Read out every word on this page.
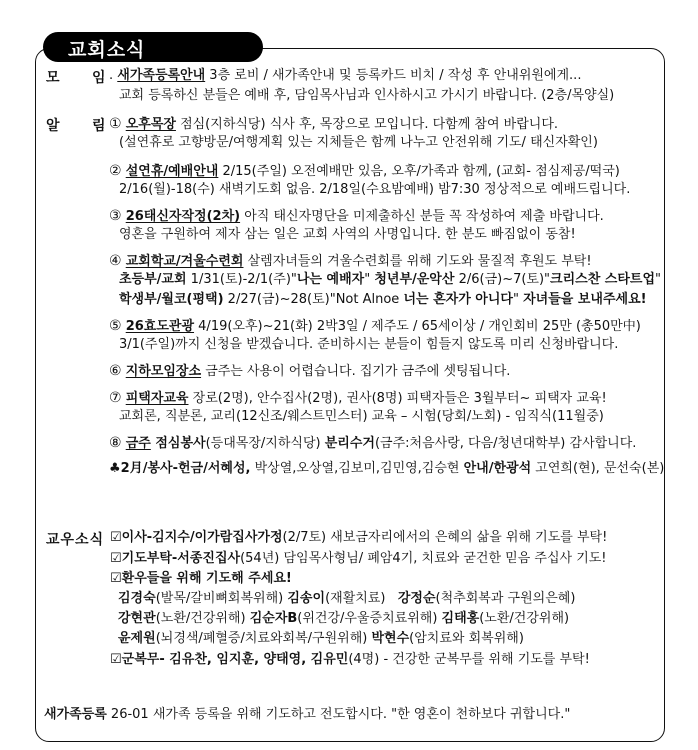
교회소식
모 임 . 새가족등록안내 3층 로비 / 새가족안내 및 등록카드 비치 / 작성 후 안내위원에게...
교회 등록하신 분들은 예배 후, 담임목사님과 인사하시고 가시기 바랍니다. (2층/목양실)
알 림 ① 오후목장 점심(지하식당) 식사 후, 목장으로 모입니다. 다함께 참여 바랍니다.
(설연휴로 고향방문/여행계획 있는 지체들은 함께 나누고 안전위해 기도/ 태신자확인)
② 설연휴/예배안내 2/15(주일) 오전예배만 있음, 오후/가족과 함께, (교회- 점심제공/떡국)
2/16(월)-18(수) 새벽기도회 없음. 2/18일(수요밤예배) 밤7:30 정상적으로 예배드립니다.
③ 26태신자작정(2차) 아직 태신자명단을 미제출하신 분들 꼭 작성하여 제출 바랍니다.
영혼을 구원하여 제자 삼는 일은 교회 사역의 사명입니다. 한 분도 빠짐없이 동참!
④ 교회학교/겨울수련회 살렘자녀들의 겨울수련회를 위해 기도와 물질적 후원도 부탁!
초등부/교회 1/31(토)-2/1(주)"나는 예배자" 청년부/운악산 2/6(금)~7(토)"크리스찬 스타트업"
학생부/월코(평택) 2/27(금)~28(토)"Not Alnoe 너는 혼자가 아니다" 자녀들을 보내주세요!
⑤ 26효도관광 4/19(오후)~21(화) 2박3일 / 제주도 / 65세이상 / 개인회비 25만 (총50만中)
3/1(주일)까지 신청을 받겠습니다. 준비하시는 분들이 힘들지 않도록 미리 신청바랍니다.
⑥ 지하모임장소 금주는 사용이 어렵습니다. 집기가 금주에 셋팅됩니다.
⑦ 피택자교육 장로(2명), 안수집사(2명), 권사(8명) 피택자들은 3월부터~ 피택자 교육!
교회론, 직분론, 교리(12신조/웨스트민스터) 교육 – 시험(당회/노회) - 임직식(11월중)
⑧ 금주 점심봉사(등대목장/지하식당) 분리수거(금주:처음사랑, 다음/청년대학부) 감사합니다.
♣2月/봉사-헌금/서혜성, 박상열,오상열,김보미,김민영,김승현 안내/한광석 고연희(현), 문선숙(본)
교우소식 ☑이사-김지수/이가람집사가정(2/7토) 새보금자리에서의 은혜의 삶을 위해 기도를 부탁!
☑기도부탁-서종진집사(54년) 담임목사형님/ 폐암4기, 치료와 굳건한 믿음 주십사 기도!
☑환우들을 위해 기도해 주세요!
김경숙(발목/갈비뼈회복위해) 김송이(재활치료) 강정순(척추회복과 구원의은혜)
강현관(노환/건강위해) 김순자B(위건강/우울증치료위해) 김태홍(노환/건강위해)
윤제원(뇌경색/폐혈증/치료와회복/구원위해) 박현수(암치료와 회복위해)
☑군복무- 김유찬, 임지훈, 양태영, 김유민(4명) - 건강한 군복무를 위해 기도를 부탁!
새가족등록 26-01 새가족 등록을 위해 기도하고 전도합시다. "한 영혼이 천하보다 귀합니다."
